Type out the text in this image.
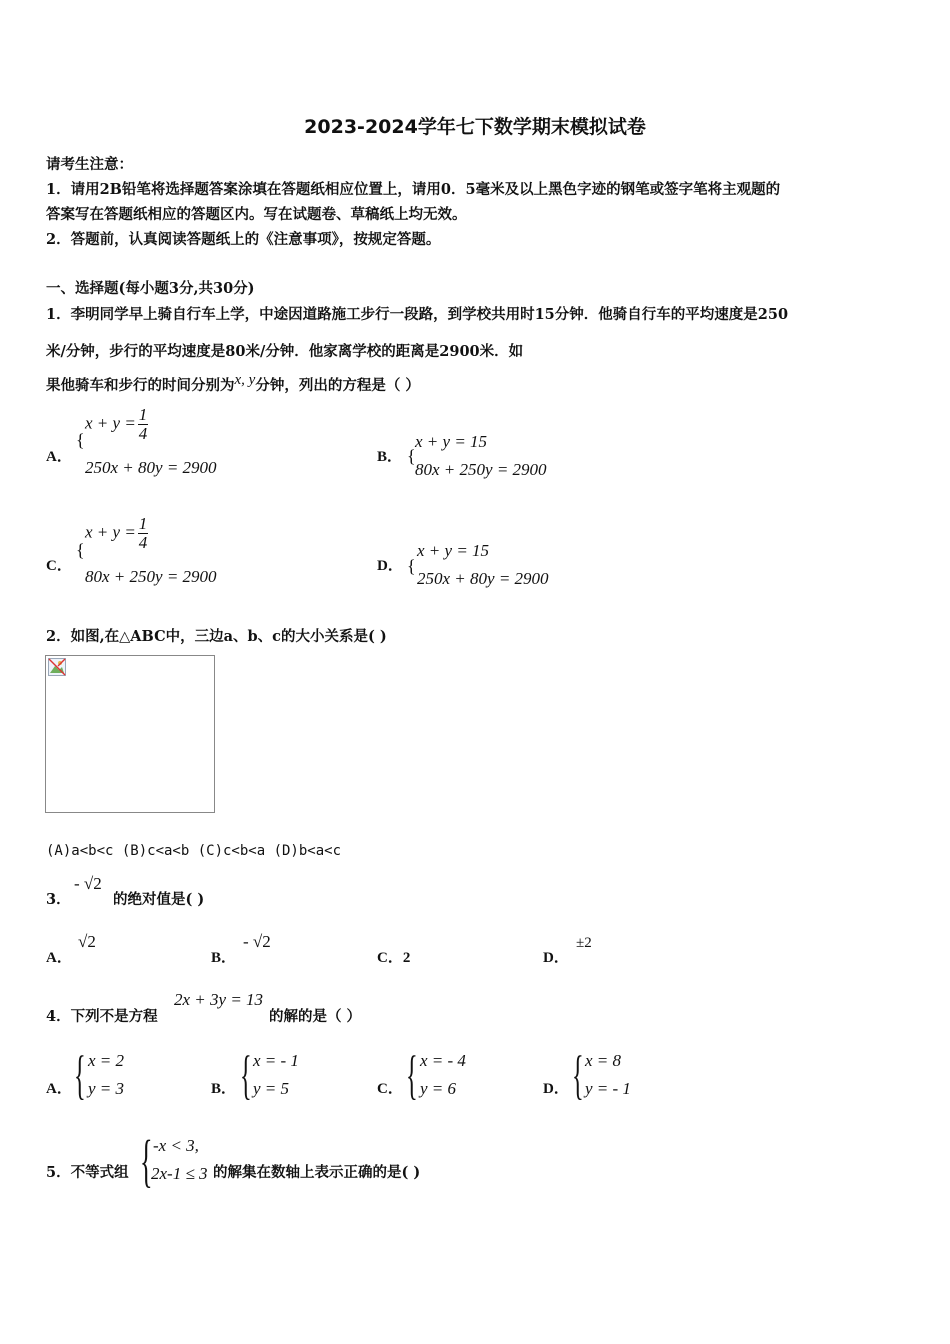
2023-2024学年七下数学期末模拟试卷
请考生注意：
1．请用2B铅笔将选择题答案涂填在答题纸相应位置上，请用0．5毫米及以上黑色字迹的钢笔或签字笔将主观题的
答案写在答题纸相应的答题区内。写在试题卷、草稿纸上均无效。
2．答题前，认真阅读答题纸上的《注意事项》，按规定答题。
一、选择题(每小题3分,共30分)
1．李明同学早上骑自行车上学，中途因道路施工步行一段路，到学校共用时15分钟．他骑自行车的平均速度是250
米/分钟，步行的平均速度是80米/分钟．他家离学校的距离是2900米．如
果他骑车和步行的时间分别为x, y分钟，列出的方程是（ ）
A．
{
$x + y = \frac{1}{4}$
250x + 80y = 2900
B． {
x + y = 15
80x + 250y = 2900
C．
{
$x + y = \frac{1}{4}$
80x + 250y = 2900
D． {
x + y = 15
250x + 80y = 2900
2．如图,在△ABC中，三边a、b、c的大小关系是( )
(A)a<b<c (B)c<a<b (C)c<b<a (D)b<a<c
3．
- √2
的绝对值是( )
A．
√2
B．
- √2
C．2	D．
±2
4．下列不是方程
2x + 3y = 13
的解的是（ ）
A． { x = 2
y = 3	B． { x = - 1
y = 5	C． { x = - 4
y = 6	D． { x = 8
y = - 1
5．不等式组 { -x < 3,
2x-1 ≤ 3 的解集在数轴上表示正确的是( )
